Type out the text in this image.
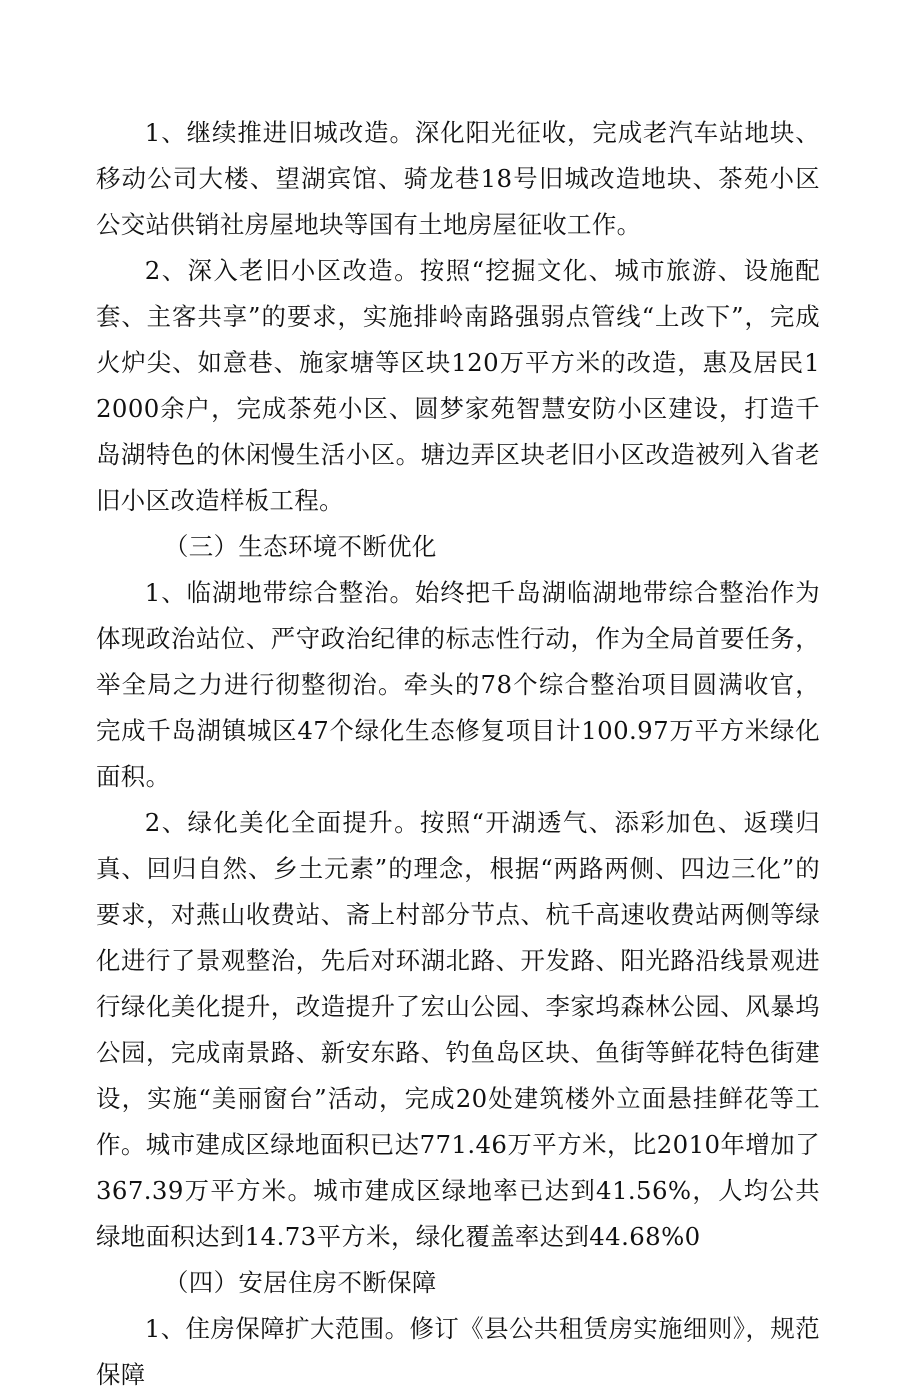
1、继续推进旧城改造。深化阳光征收，完成老汽车站地块、移动公司大楼、望湖宾馆、骑龙巷18号旧城改造地块、茶苑小区公交站供销社房屋地块等国有土地房屋征收工作。

2、深入老旧小区改造。按照“挖掘文化、城市旅游、设施配套、主客共享”的要求，实施排岭南路强弱点管线“上改下”，完成火炉尖、如意巷、施家塘等区块120万平方米的改造，惠及居民12000余户，完成茶苑小区、圆梦家苑智慧安防小区建设，打造千岛湖特色的休闲慢生活小区。塘边弄区块老旧小区改造被列入省老旧小区改造样板工程。

（三）生态环境不断优化

1、临湖地带综合整治。始终把千岛湖临湖地带综合整治作为体现政治站位、严守政治纪律的标志性行动，作为全局首要任务，举全局之力进行彻整彻治。牵头的78个综合整治项目圆满收官，完成千岛湖镇城区47个绿化生态修复项目计100.97万平方米绿化面积。

2、绿化美化全面提升。按照“开湖透气、添彩加色、返璞归真、回归自然、乡土元素”的理念，根据“两路两侧、四边三化”的要求，对燕山收费站、斋上村部分节点、杭千高速收费站两侧等绿化进行了景观整治，先后对环湖北路、开发路、阳光路沿线景观进行绿化美化提升，改造提升了宏山公园、李家坞森林公园、风暴坞公园，完成南景路、新安东路、钓鱼岛区块、鱼街等鲜花特色街建设，实施“美丽窗台”活动，完成20处建筑楼外立面悬挂鲜花等工作。城市建成区绿地面积已达771.46万平方米，比2010年增加了367.39万平方米。城市建成区绿地率已达到41.56%，人均公共绿地面积达到14.73平方米，绿化覆盖率达到44.68%0

（四）安居住房不断保障

1、住房保障扩大范围。修订《县公共租赁房实施细则》，规范保障
